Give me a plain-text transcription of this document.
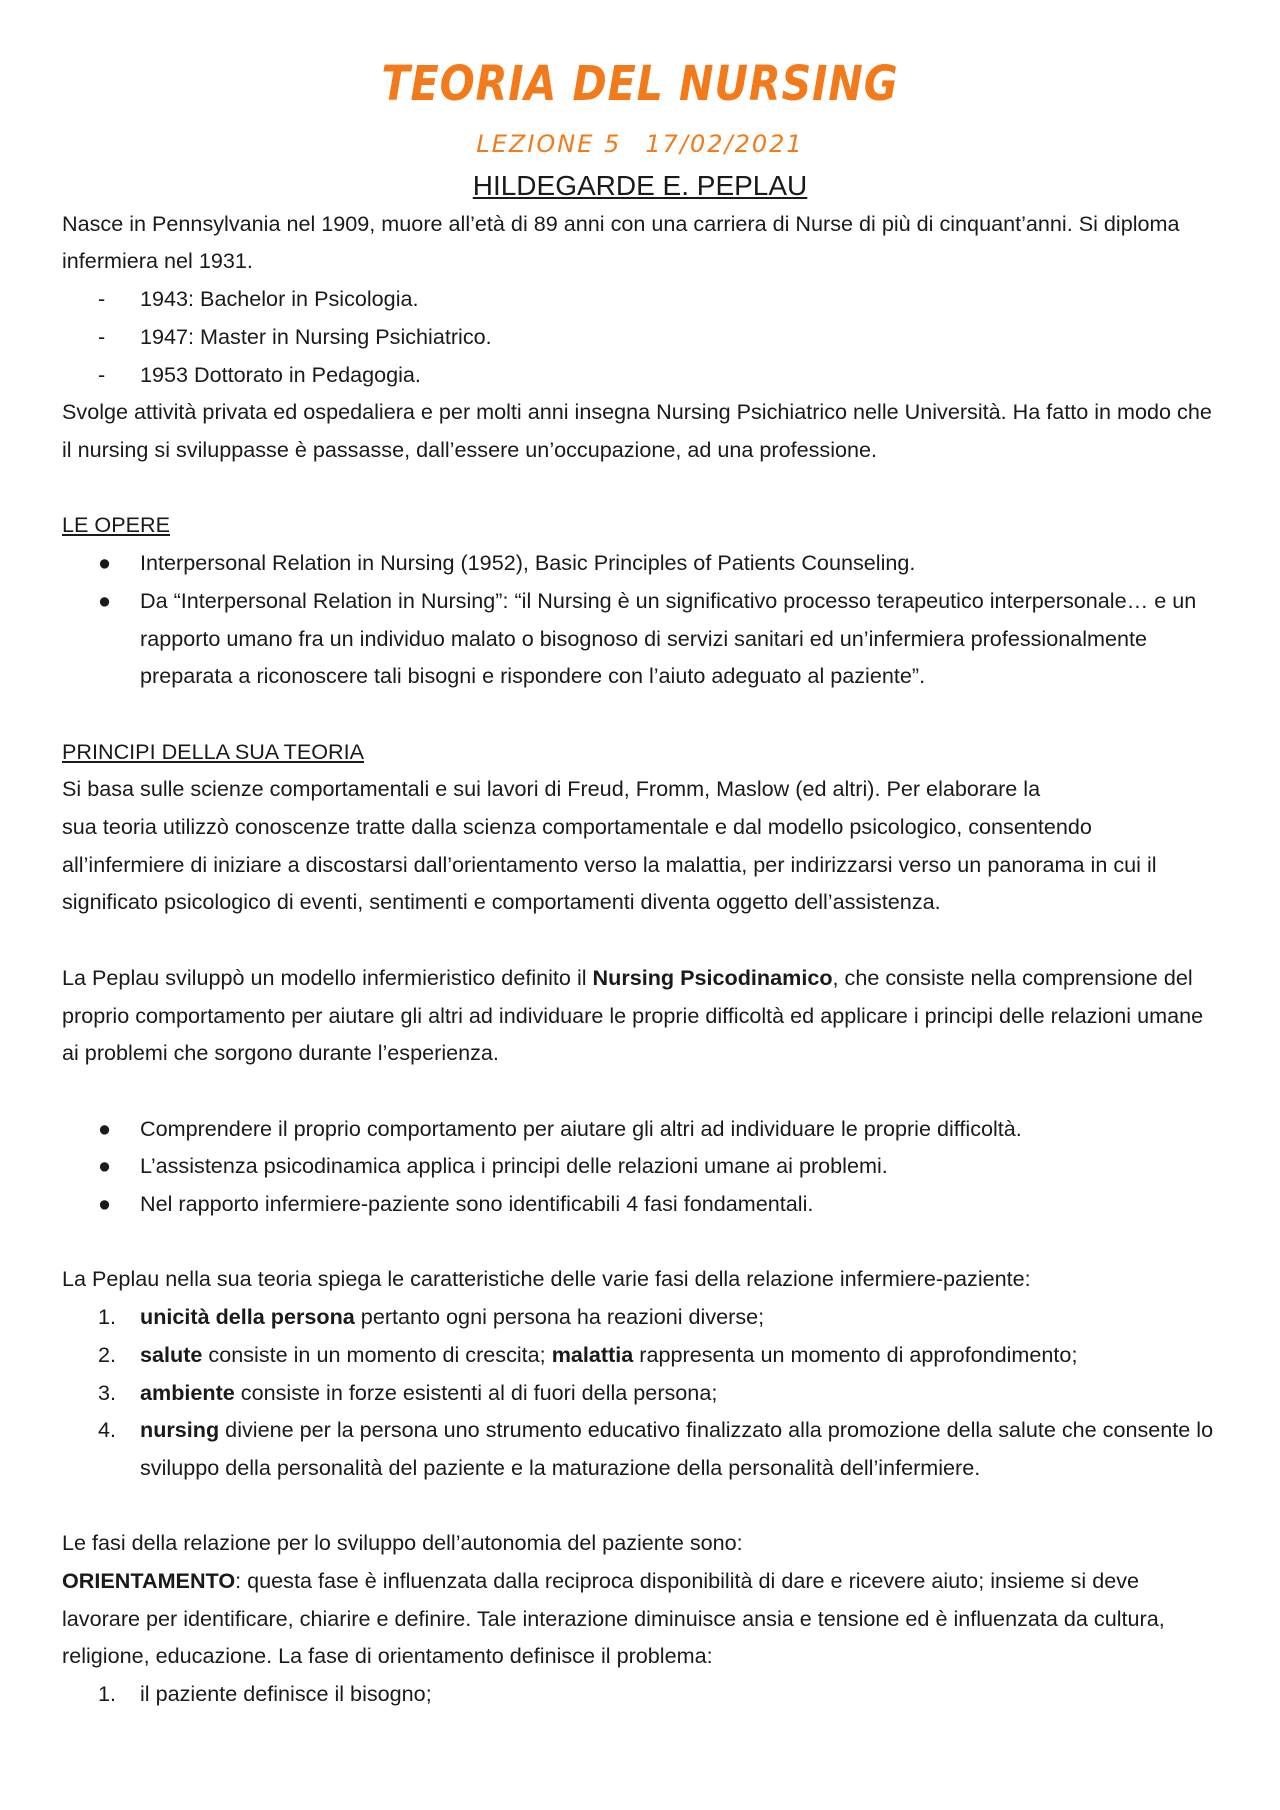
TEORIA DEL NURSING
LEZIONE 5 17/02/2021
HILDEGARDE E. PEPLAU

Nasce in Pennsylvania nel 1909, muore all’età di 89 anni con una carriera di Nurse di più di cinquant’anni. Si diploma infermiera nel 1931.

- 1943: Bachelor in Psicologia.
- 1947: Master in Nursing Psichiatrico.
- 1953 Dottorato in Pedagogia.

Svolge attività privata ed ospedaliera e per molti anni insegna Nursing Psichiatrico nelle Università. Ha fatto in modo che il nursing si sviluppasse è passasse, dall’essere un’occupazione, ad una professione.

LE OPERE
● Interpersonal Relation in Nursing (1952), Basic Principles of Patients Counseling.
● Da “Interpersonal Relation in Nursing”: “il Nursing è un significativo processo terapeutico interpersonale… e un rapporto umano fra un individuo malato o bisognoso di servizi sanitari ed un’infermiera professionalmente preparata a riconoscere tali bisogni e rispondere con l’aiuto adeguato al paziente”.
PRINCIPI DELLA SUA TEORIA

Si basa sulle scienze comportamentali e sui lavori di Freud, Fromm, Maslow (ed altri). Per elaborare la
sua teoria utilizzò conoscenze tratte dalla scienza comportamentale e dal modello psicologico, consentendo all’infermiere di iniziare a discostarsi dall’orientamento verso la malattia, per indirizzarsi verso un panorama in cui il significato psicologico di eventi, sentimenti e comportamenti diventa oggetto dell’assistenza.

La Peplau sviluppò un modello infermieristico definito il Nursing Psicodinamico, che consiste nella comprensione del proprio comportamento per aiutare gli altri ad individuare le proprie difficoltà ed applicare i principi delle relazioni umane ai problemi che sorgono durante l’esperienza.

● Comprendere il proprio comportamento per aiutare gli altri ad individuare le proprie difficoltà.
● L’assistenza psicodinamica applica i principi delle relazioni umane ai problemi.
● Nel rapporto infermiere-paziente sono identificabili 4 fasi fondamentali.

La Peplau nella sua teoria spiega le caratteristiche delle varie fasi della relazione infermiere-paziente:

1. unicità della persona pertanto ogni persona ha reazioni diverse;
2. salute consiste in un momento di crescita; malattia rappresenta un momento di approfondimento;
3. ambiente consiste in forze esistenti al di fuori della persona;
4. nursing diviene per la persona uno strumento educativo finalizzato alla promozione della salute che consente lo sviluppo della personalità del paziente e la maturazione della personalità dell’infermiere.

Le fasi della relazione per lo sviluppo dell’autonomia del paziente sono:

ORIENTAMENTO: questa fase è influenzata dalla reciproca disponibilità di dare e ricevere aiuto; insieme si deve lavorare per identificare, chiarire e definire. Tale interazione diminuisce ansia e tensione ed è influenzata da cultura, religione, educazione. La fase di orientamento definisce il problema:

1. il paziente definisce il bisogno;
